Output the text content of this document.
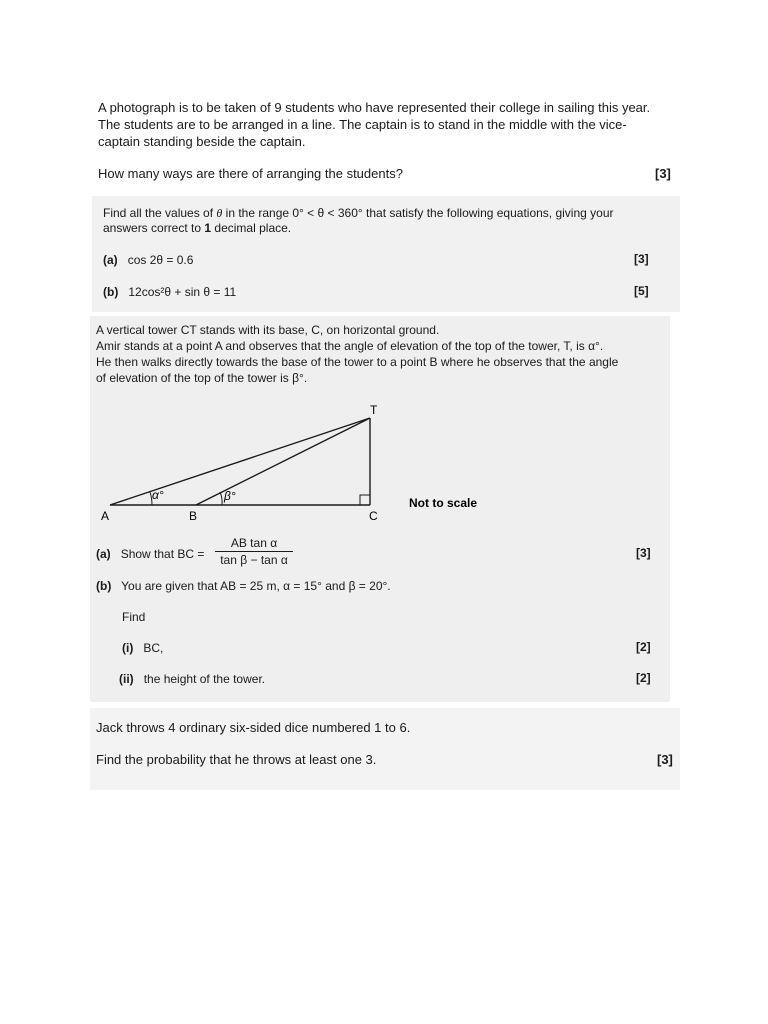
A photograph is to be taken of 9 students who have represented their college in sailing this year.
The students are to be arranged in a line. The captain is to stand in the middle with the vice-
captain standing beside the captain.
How many ways are there of arranging the students?	[3]
Find all the values of θ in the range 0° < θ < 360° that satisfy the following equations, giving your
answers correct to 1 decimal place.
(a) cos 2θ = 0.6	[3]
(b) 12cos²θ + sin θ = 11	[5]
A vertical tower CT stands with its base, C, on horizontal ground.
Amir stands at a point A and observes that the angle of elevation of the top of the tower, T, is α°.
He then walks directly towards the base of the tower to a point B where he observes that the angle
of elevation of the top of the tower is β°.
A	B	C
T
α°	β°	Not to scale
(a) Show that BC = $\frac{\text{AB tan α}}{\text{tan β − tan α}}$	[3]
(b) You are given that AB = 25 m, α = 15° and β = 20°.
Find
(i) BC,	[2]
(ii) the height of the tower.	[2]
Jack throws 4 ordinary six-sided dice numbered 1 to 6.
Find the probability that he throws at least one 3.	[3]
